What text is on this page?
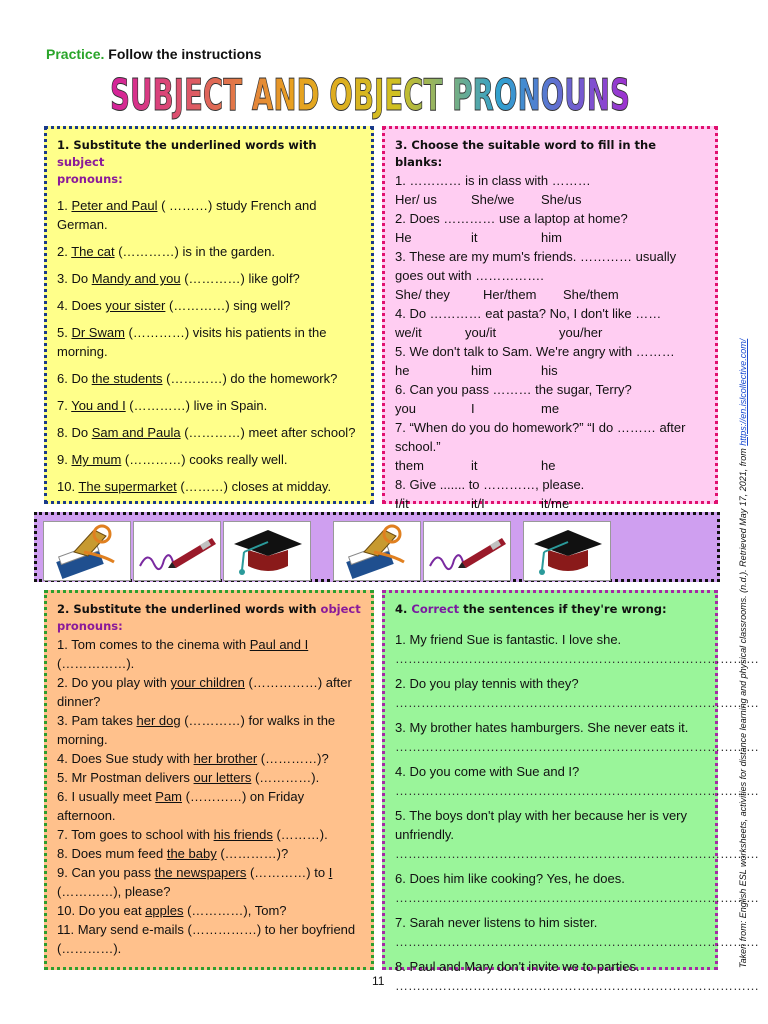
Practice. Follow the instructions
SUBJECT AND OBJECT PRONOUNS
1. Substitute the underlined words with subject
pronouns:

1. Peter and Paul ( ………) study French and German.

2. The cat (…………) is in the garden.

3. Do Mandy and you (…………) like golf?

4. Does your sister (…………) sing well?

5. Dr Swam (…………) visits his patients in the morning.

6. Do the students (…………) do the homework?

7. You and I (…………) live in Spain.

8. Do Sam and Paula (…………) meet after school?

9. My mum (…………) cooks really well.

10. The supermarket (………) closes at midday.

3. Choose the suitable word to fill in the blanks:
1. ………… is in class with ………
Her/ us	She/we She/us
2. Does ………… use a laptop at home?
He	it	him
3. These are my mum's friends. ………… usually goes out with …………….
She/ they	Her/them She/them
4. Do ………… eat pasta? No, I don't like ……
we/it	you/it	you/her
5. We don't talk to Sam. We're angry with ………
he	him	his
6. Can you pass ……… the sugar, Terry?
you	I	me
7. “When do you do homework?” “I do ……… after school.”
them	it	he
8. Give ....... to …………, please.
I/it	it/I	it/me
2. Substitute the underlined words with object
pronouns:
1. Tom comes to the cinema with Paul and I (……………).
2. Do you play with your children (……………) after dinner?
3. Pam takes her dog (…………) for walks in the morning.
4. Does Sue study with her brother (…………)?
5. Mr Postman delivers our letters (…………).
6. I usually meet Pam (…………) on Friday afternoon.
7. Tom goes to school with his friends (………).
8. Does mum feed the baby (…………)?
9. Can you pass the newspapers (…………) to I (…………), please?
10. Do you eat apples (…………), Tom?
11. Mary send e-mails (……………) to her boyfriend (…………).
4. Correct the sentences if they're wrong:
1. My friend Sue is fantastic. I love she.
…………………………………………………………………………
2. Do you play tennis with they?
…………………………………………………………………………
3. My brother hates hamburgers. She never eats it.
…………………………………………………………………………
4. Do you come with Sue and I?
…………………………………………………………………………
5. The boys don't play with her because her is very unfriendly.
…………………………………………………………………………
6. Does him like cooking? Yes, he does.
…………………………………………………………………………
7. Sarah never listens to him sister.
…………………………………………………………………………
8. Paul and Mary don't invite we to parties.
…………………………………………………………………………
11
Taken from: English ESL worksheets, activities for distance learning and physical classrooms. (n.d.). Retrieved May 17, 2021, from https://en.islcollective.com/
